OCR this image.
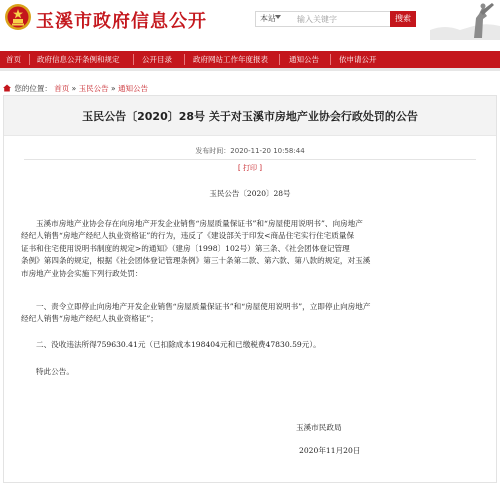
玉溪市政府信息公开	本站
输入关键字	搜索
首页 政府信息公开条例和规定	公开目录	政府网站工作年度报表	通知公告	依申请公开
您的位置： 首页 » 玉民公告 » 通知公告
玉民公告〔2020〕28号 关于对玉溪市房地产业协会行政处罚的公告
发布时间：2020-11-20 10:58:44
[ 打印 ]
玉民公告〔2020〕28号
玉溪市房地产业协会存在向房地产开发企业销售“房屋质量保证书”和“房屋使用说明书”、向房地产
经纪人销售“房地产经纪人执业资格证”的行为，违反了《建设部关于印发<商品住宅实行住宅质量保
证书和住宅使用说明书制度的规定>的通知》（建房〔1998〕102号）第三条、《社会团体登记管理
条例》第四条的规定，根据《社会团体登记管理条例》第三十条第二款、第六款、第八款的规定，对玉溪
市房地产业协会实施下列行政处罚：
一、责令立即停止向房地产开发企业销售“房屋质量保证书”和“房屋使用说明书”，立即停止向房地产
经纪人销售“房地产经纪人执业资格证”；
二、没收违法所得759630.41元（已扣除成本198404元和已缴税费47830.59元）。
特此公告。
玉溪市民政局
2020年11月20日
